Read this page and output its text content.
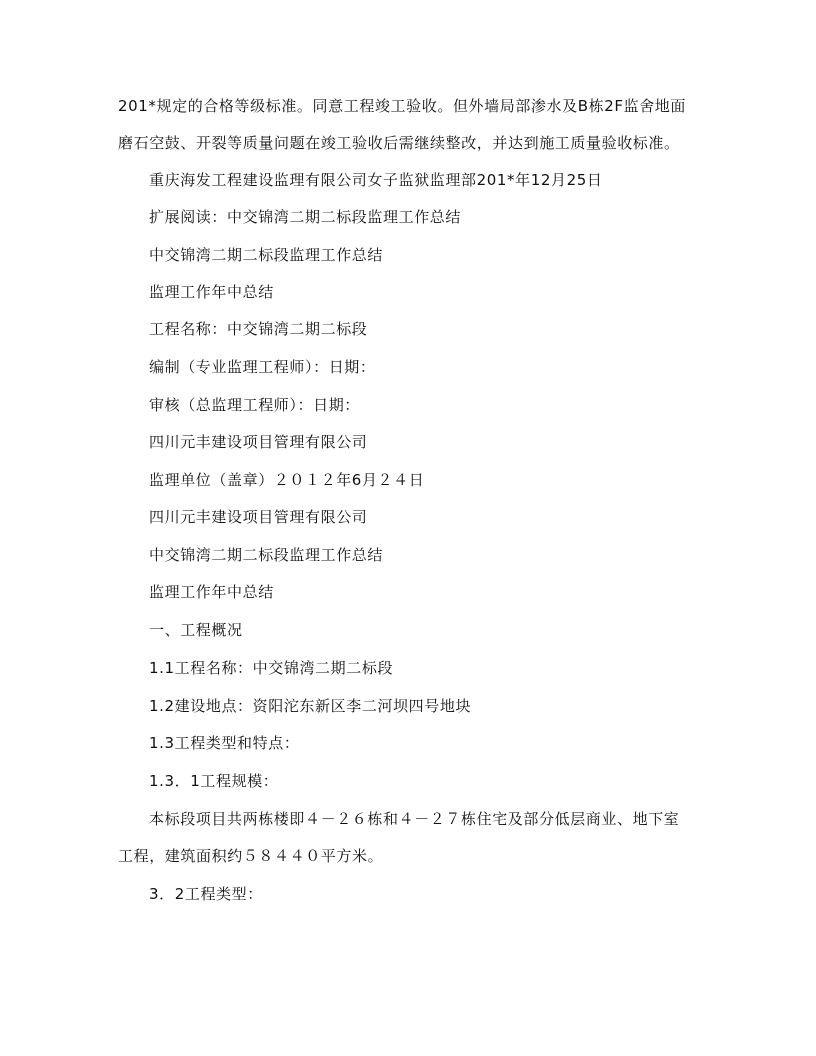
201*规定的合格等级标准。同意工程竣工验收。但外墙局部渗水及B栋2F监舍地面
磨石空鼓、开裂等质量问题在竣工验收后需继续整改，并达到施工质量验收标准。
重庆海发工程建设监理有限公司女子监狱监理部201*年12月25日
扩展阅读：中交锦湾二期二标段监理工作总结
中交锦湾二期二标段监理工作总结
监理工作年中总结
工程名称：中交锦湾二期二标段
编制（专业监理工程师）：日期：
审核（总监理工程师）：日期：
四川元丰建设项目管理有限公司
监理单位（盖章）２０１２年6月２４日
四川元丰建设项目管理有限公司
中交锦湾二期二标段监理工作总结
监理工作年中总结
一、工程概况
1.1工程名称：中交锦湾二期二标段
1.2建设地点：资阳沱东新区李二河坝四号地块
1.3工程类型和特点：
1.3．1工程规模：
本标段项目共两栋楼即４－２６栋和４－２７栋住宅及部分低层商业、地下室
工程，建筑面积约５８４４０平方米。
3．2工程类型：
